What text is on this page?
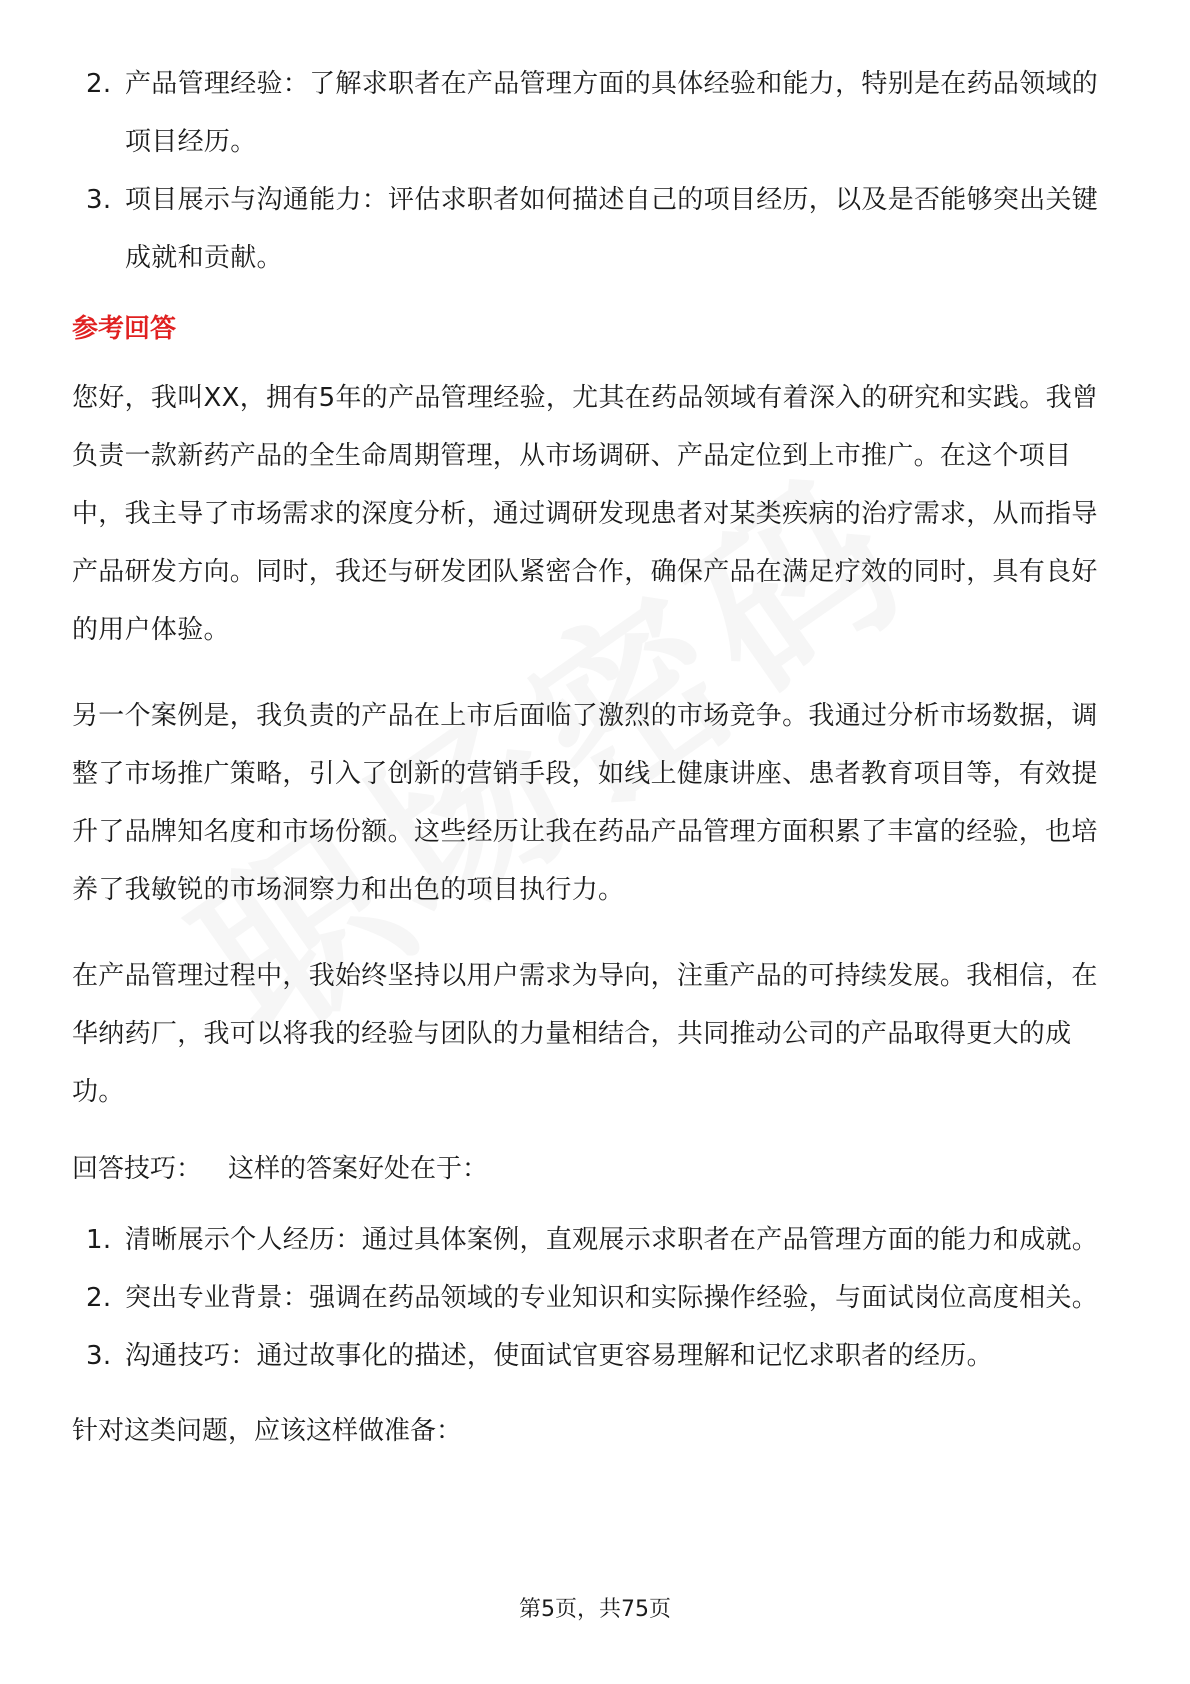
2. 产品管理经验：了解求职者在产品管理方面的具体经验和能力，特别是在药品领域的项目经历。
3. 项目展示与沟通能力：评估求职者如何描述自己的项目经历，以及是否能够突出关键成就和贡献。
参考回答

您好，我叫XX，拥有5年的产品管理经验，尤其在药品领域有着深入的研究和实践。我曾负责一款新药产品的全生命周期管理，从市场调研、产品定位到上市推广。在这个项目中，我主导了市场需求的深度分析，通过调研发现患者对某类疾病的治疗需求，从而指导产品研发方向。同时，我还与研发团队紧密合作，确保产品在满足疗效的同时，具有良好的用户体验。

另一个案例是，我负责的产品在上市后面临了激烈的市场竞争。我通过分析市场数据，调整了市场推广策略，引入了创新的营销手段，如线上健康讲座、患者教育项目等，有效提升了品牌知名度和市场份额。这些经历让我在药品产品管理方面积累了丰富的经验，也培养了我敏锐的市场洞察力和出色的项目执行力。

在产品管理过程中，我始终坚持以用户需求为导向，注重产品的可持续发展。我相信，在华纳药厂，我可以将我的经验与团队的力量相结合，共同推动公司的产品取得更大的成功。

回答技巧： 这样的答案好处在于：
1. 清晰展示个人经历：通过具体案例，直观展示求职者在产品管理方面的能力和成就。
2. 突出专业背景：强调在药品领域的专业知识和实际操作经验，与面试岗位高度相关。
3. 沟通技巧：通过故事化的描述，使面试官更容易理解和记忆求职者的经历。
针对这类问题，应该这样做准备：
第5页，共75页
